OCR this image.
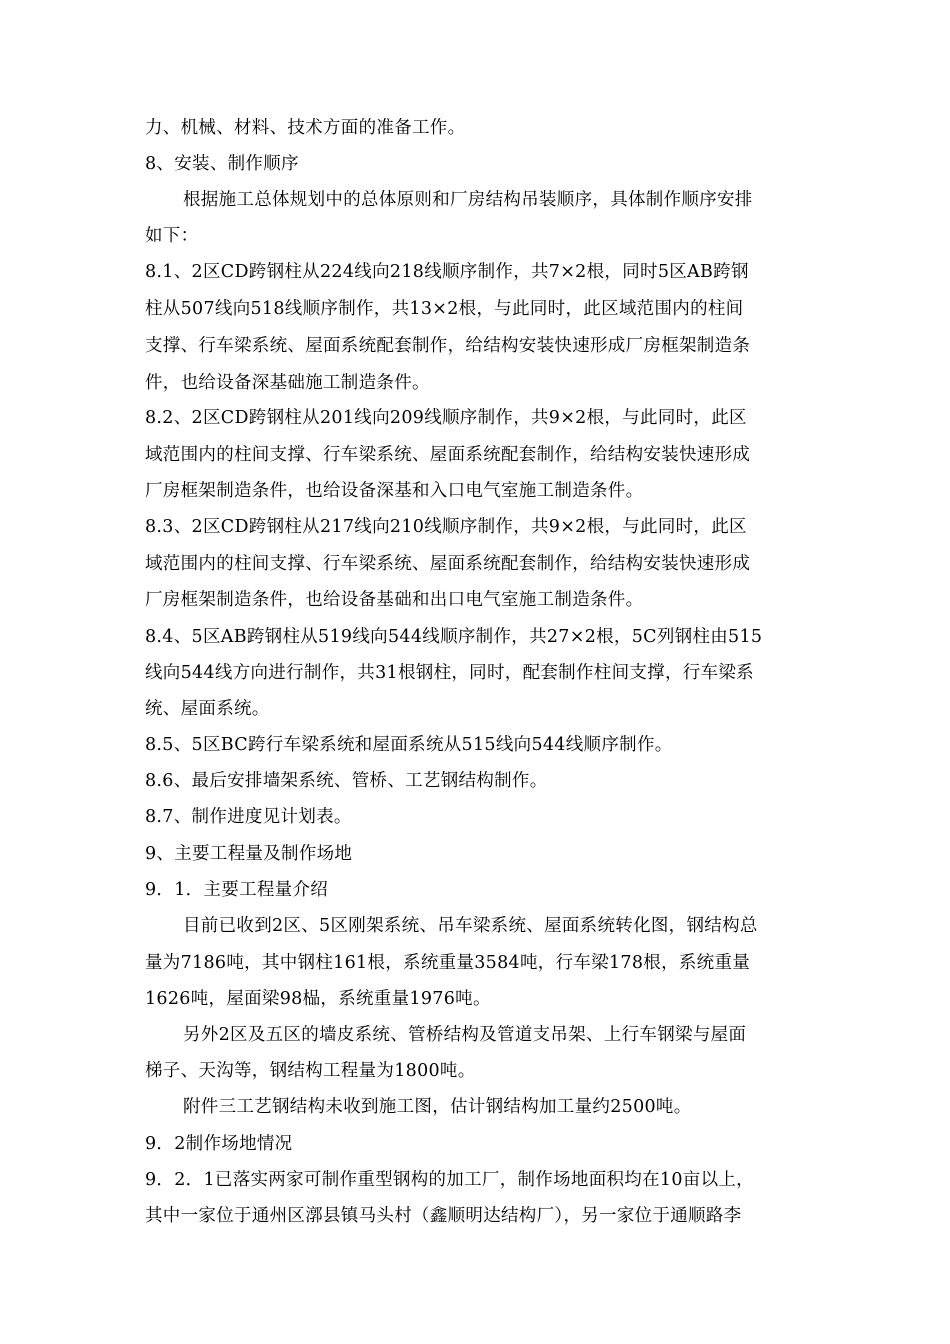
力、机械、材料、技术方面的准备工作。
8、安装、制作顺序
根据施工总体规划中的总体原则和厂房结构吊装顺序，具体制作顺序安排
如下：
8.1、2区CD跨钢柱从224线向218线顺序制作，共7×2根，同时5区AB跨钢
柱从507线向518线顺序制作，共13×2根，与此同时，此区域范围内的柱间
支撑、行车梁系统、屋面系统配套制作，给结构安装快速形成厂房框架制造条
件，也给设备深基础施工制造条件。
8.2、2区CD跨钢柱从201线向209线顺序制作，共9×2根，与此同时，此区
域范围内的柱间支撑、行车梁系统、屋面系统配套制作，给结构安装快速形成
厂房框架制造条件，也给设备深基和入口电气室施工制造条件。
8.3、2区CD跨钢柱从217线向210线顺序制作，共9×2根，与此同时，此区
域范围内的柱间支撑、行车梁系统、屋面系统配套制作，给结构安装快速形成
厂房框架制造条件，也给设备基础和出口电气室施工制造条件。
8.4、5区AB跨钢柱从519线向544线顺序制作，共27×2根，5C列钢柱由515
线向544线方向进行制作，共31根钢柱，同时，配套制作柱间支撑，行车梁系
统、屋面系统。
8.5、5区BC跨行车梁系统和屋面系统从515线向544线顺序制作。
8.6、最后安排墙架系统、管桥、工艺钢结构制作。
8.7、制作进度见计划表。
9、主要工程量及制作场地
9．1．主要工程量介绍
目前已收到2区、5区刚架系统、吊车梁系统、屋面系统转化图，钢结构总
量为7186吨，其中钢柱161根，系统重量3584吨，行车梁178根，系统重量
1626吨，屋面梁98榀，系统重量1976吨。
另外2区及五区的墙皮系统、管桥结构及管道支吊架、上行车钢梁与屋面
梯子、天沟等，钢结构工程量为1800吨。
附件三工艺钢结构未收到施工图，估计钢结构加工量约2500吨。
9．2制作场地情况
9．2．1已落实两家可制作重型钢构的加工厂，制作场地面积均在10亩以上，
其中一家位于通州区漷县镇马头村（鑫顺明达结构厂），另一家位于通顺路李
